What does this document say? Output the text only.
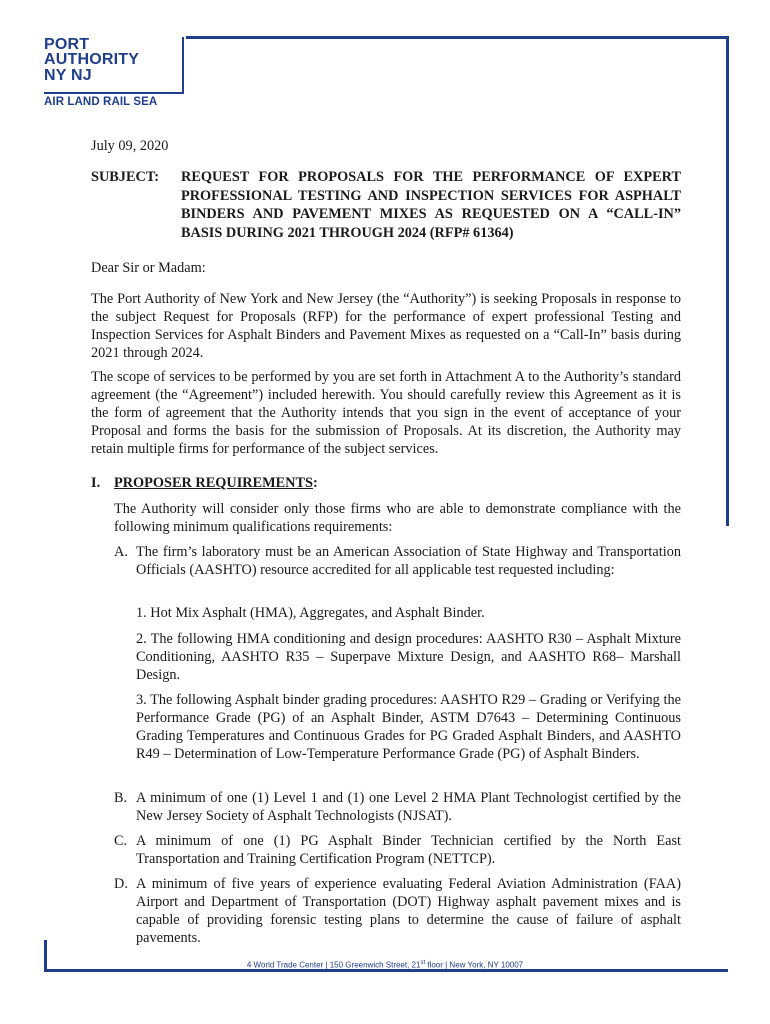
PORT
AUTHORITY
NY NJ
AIR LAND RAIL SEA
July 09, 2020
SUBJECT: REQUEST FOR PROPOSALS FOR THE PERFORMANCE OF EXPERT PROFESSIONAL TESTING AND INSPECTION SERVICES FOR ASPHALT BINDERS AND PAVEMENT MIXES AS REQUESTED ON A “CALL-IN” BASIS DURING 2021 THROUGH 2024 (RFP# 61364)
Dear Sir or Madam:
The Port Authority of New York and New Jersey (the “Authority”) is seeking Proposals in response to the subject Request for Proposals (RFP) for the performance of expert professional Testing and Inspection Services for Asphalt Binders and Pavement Mixes as requested on a “Call-In” basis during 2021 through 2024.
The scope of services to be performed by you are set forth in Attachment A to the Authority’s standard agreement (the “Agreement”) included herewith. You should carefully review this Agreement as it is the form of agreement that the Authority intends that you sign in the event of acceptance of your Proposal and forms the basis for the submission of Proposals. At its discretion, the Authority may retain multiple firms for performance of the subject services.
I. PROPOSER REQUIREMENTS:
The Authority will consider only those firms who are able to demonstrate compliance with the following minimum qualifications requirements:
A. The firm’s laboratory must be an American Association of State Highway and Transportation Officials (AASHTO) resource accredited for all applicable test requested including:
1. Hot Mix Asphalt (HMA), Aggregates, and Asphalt Binder.
2. The following HMA conditioning and design procedures: AASHTO R30 – Asphalt Mixture Conditioning, AASHTO R35 – Superpave Mixture Design, and AASHTO R68– Marshall Design.
3. The following Asphalt binder grading procedures: AASHTO R29 – Grading or Verifying the Performance Grade (PG) of an Asphalt Binder, ASTM D7643 – Determining Continuous Grading Temperatures and Continuous Grades for PG Graded Asphalt Binders, and AASHTO R49 – Determination of Low-Temperature Performance Grade (PG) of Asphalt Binders.
B. A minimum of one (1) Level 1 and (1) one Level 2 HMA Plant Technologist certified by the New Jersey Society of Asphalt Technologists (NJSAT).
C. A minimum of one (1) PG Asphalt Binder Technician certified by the North East Transportation and Training Certification Program (NETTCP).
D. A minimum of five years of experience evaluating Federal Aviation Administration (FAA) Airport and Department of Transportation (DOT) Highway asphalt pavement mixes and is capable of providing forensic testing plans to determine the cause of failure of asphalt pavements.
4 World Trade Center | 150 Greenwich Street, 21st floor | New York, NY 10007
